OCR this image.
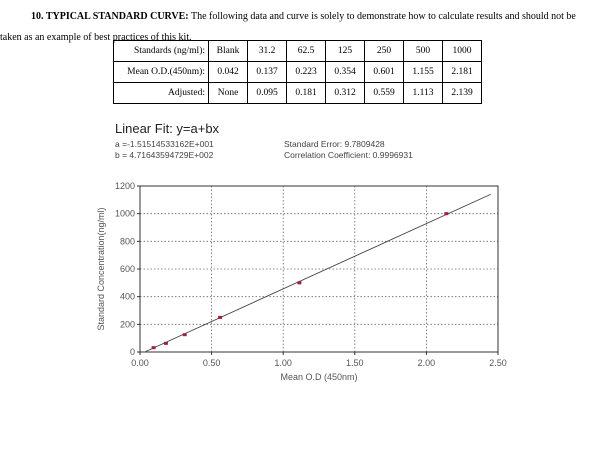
10. TYPICAL STANDARD CURVE: The following data and curve is solely to demonstrate how to calculate results and should not be
taken as an example of best practices of this kit.
Standards (ng/ml):	Blank	31.2	62.5	125	250	500	1000
Mean O.D.(450nm):	0.042	0.137	0.223	0.354	0.601	1.155	2.181
Adjusted:	None	0.095	0.181	0.312	0.559	1.113	2.139
Linear Fit: y=a+bx
a =-1.51514533162E+001
b = 4.71643594729E+002
Standard Error: 9.7809428
Correlation Coefficient: 0.9996931
0.00	0.50	1.00	1.50	2.00	2.50
0
200
400
600
800
1000
1200
Mean O.D (450nm)
Standard Concentration(ng/ml)
